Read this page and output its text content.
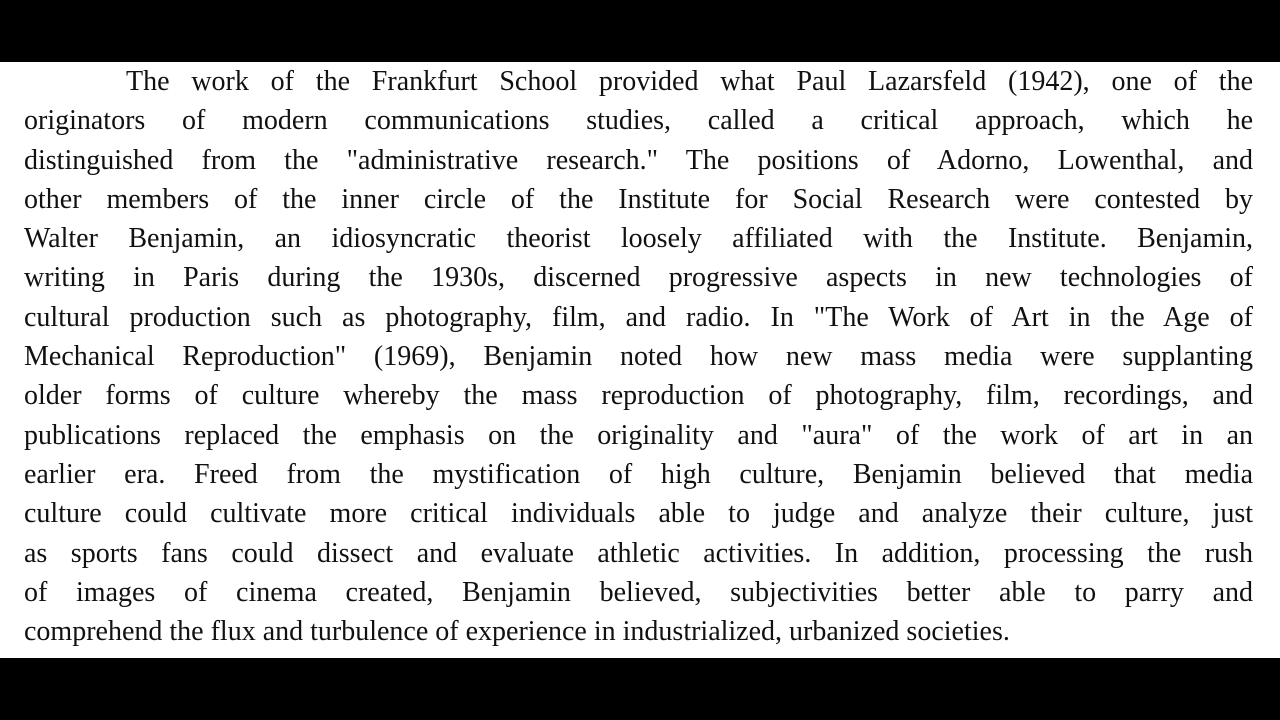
The work of the Frankfurt School provided what Paul Lazarsfeld (1942), one of the
originators of modern communications studies, called a critical approach, which he
distinguished from the "administrative research." The positions of Adorno, Lowenthal, and
other members of the inner circle of the Institute for Social Research were contested by
Walter Benjamin, an idiosyncratic theorist loosely affiliated with the Institute. Benjamin,
writing in Paris during the 1930s, discerned progressive aspects in new technologies of
cultural production such as photography, film, and radio. In "The Work of Art in the Age of
Mechanical Reproduction" (1969), Benjamin noted how new mass media were supplanting
older forms of culture whereby the mass reproduction of photography, film, recordings, and
publications replaced the emphasis on the originality and "aura" of the work of art in an
earlier era. Freed from the mystification of high culture, Benjamin believed that media
culture could cultivate more critical individuals able to judge and analyze their culture, just
as sports fans could dissect and evaluate athletic activities. In addition, processing the rush
of images of cinema created, Benjamin believed, subjectivities better able to parry and
comprehend the flux and turbulence of experience in industrialized, urbanized societies.
